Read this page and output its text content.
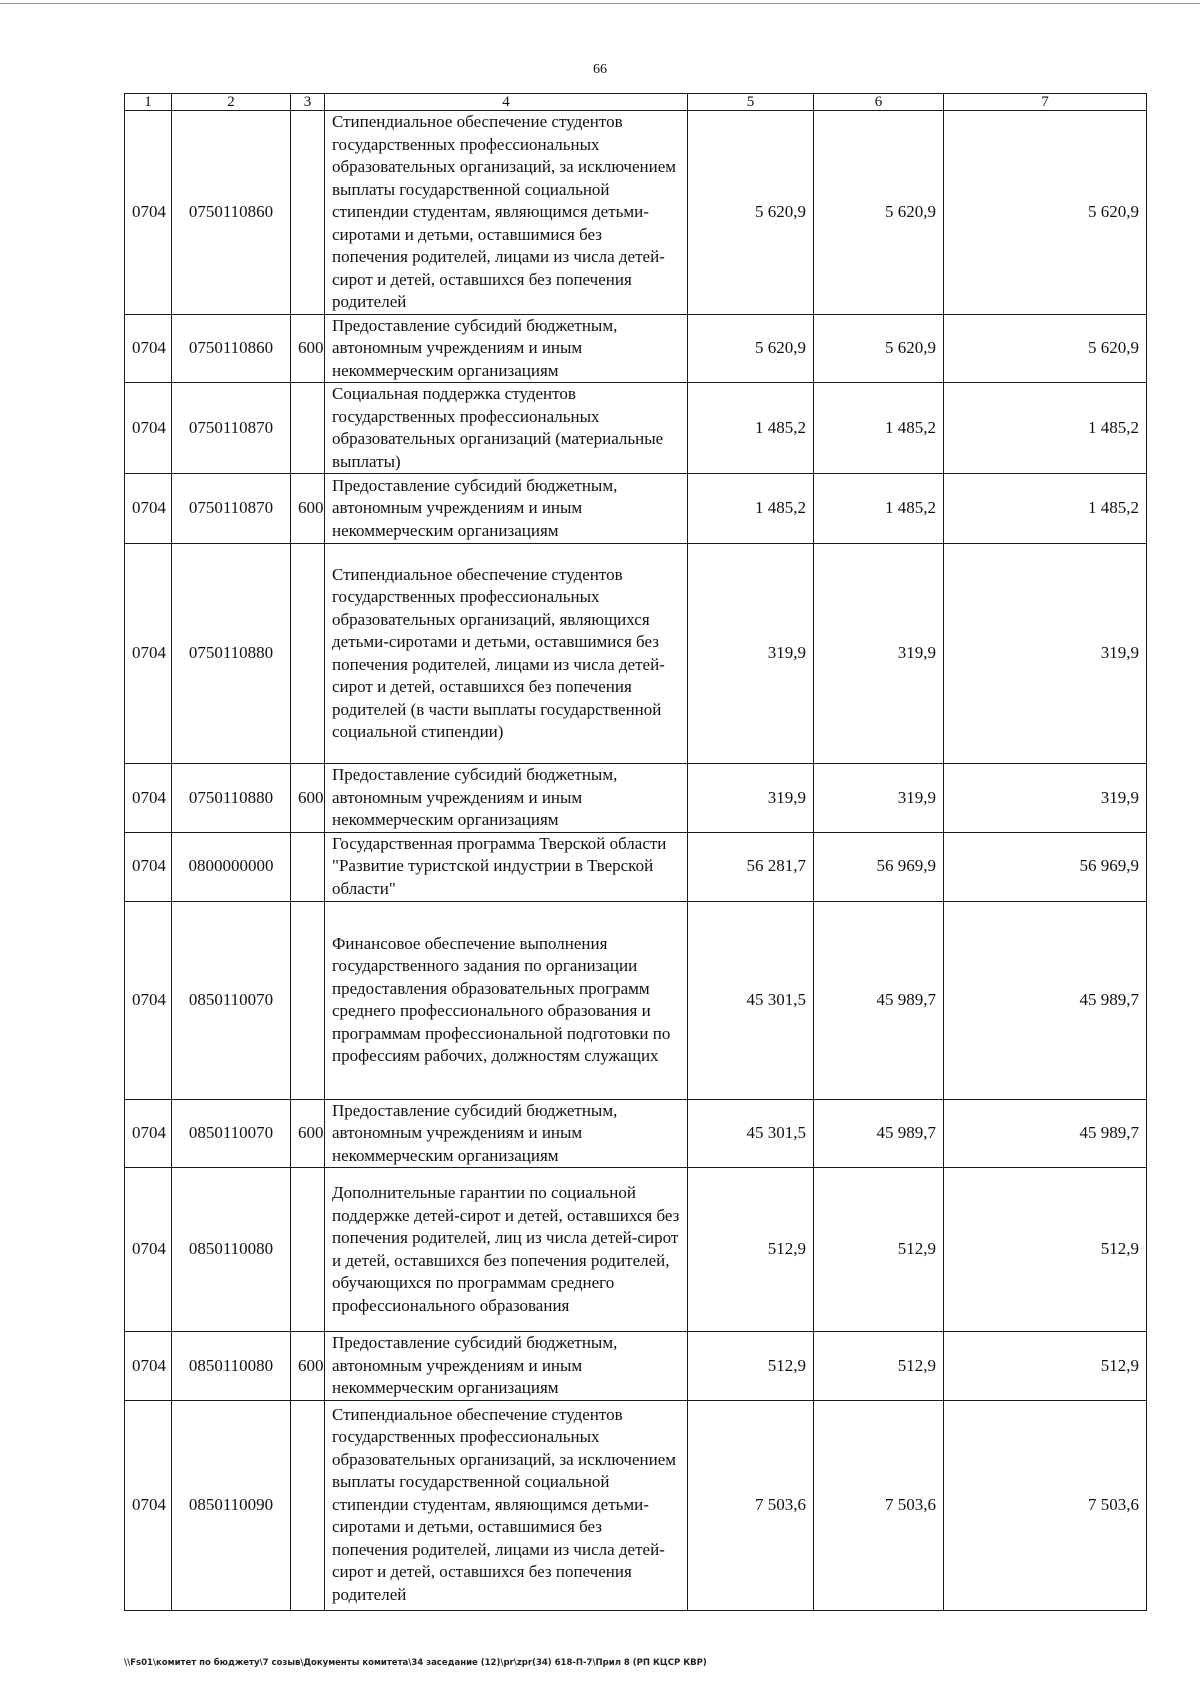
66
1	2	3	4	5	6	7
0704	0750110860		Стипендиальное обеспечение студентов государственных профессиональных образовательных организаций, за исключением выплаты государственной социальной стипендии студентам, являющимся детьми-сиротами и детьми, оставшимися без попечения родителей, лицами из числа детей-сирот и детей, оставшихся без попечения родителей	5 620,9	5 620,9	5 620,9
0704	0750110860	600	Предоставление субсидий бюджетным, автономным учреждениям и иным некоммерческим организациям	5 620,9	5 620,9	5 620,9
0704	0750110870		Социальная поддержка студентов государственных профессиональных образовательных организаций (материальные выплаты)	1 485,2	1 485,2	1 485,2
0704	0750110870	600	Предоставление субсидий бюджетным, автономным учреждениям и иным некоммерческим организациям	1 485,2	1 485,2	1 485,2
0704	0750110880		Стипендиальное обеспечение студентов государственных профессиональных образовательных организаций, являющихся детьми-сиротами и детьми, оставшимися без попечения родителей, лицами из числа детей-сирот и детей, оставшихся без попечения родителей (в части выплаты государственной социальной стипендии)	319,9	319,9	319,9
0704	0750110880	600	Предоставление субсидий бюджетным, автономным учреждениям и иным некоммерческим организациям	319,9	319,9	319,9
0704	0800000000		Государственная программа Тверской области "Развитие туристской индустрии в Тверской области"	56 281,7	56 969,9	56 969,9
0704	0850110070		Финансовое обеспечение выполнения государственного задания по организации предоставления образовательных программ среднего профессионального образования и программам профессиональной подготовки по профессиям рабочих, должностям служащих	45 301,5	45 989,7	45 989,7
0704	0850110070	600	Предоставление субсидий бюджетным, автономным учреждениям и иным некоммерческим организациям	45 301,5	45 989,7	45 989,7
0704	0850110080		Дополнительные гарантии по социальной поддержке детей-сирот и детей, оставшихся без попечения родителей, лиц из числа детей-сирот и детей, оставшихся без попечения родителей, обучающихся по программам среднего профессионального образования	512,9	512,9	512,9
0704	0850110080	600	Предоставление субсидий бюджетным, автономным учреждениям и иным некоммерческим организациям	512,9	512,9	512,9
0704	0850110090		Стипендиальное обеспечение студентов государственных профессиональных образовательных организаций, за исключением выплаты государственной социальной стипендии студентам, являющимся детьми-сиротами и детьми, оставшимися без попечения родителей, лицами из числа детей-сирот и детей, оставшихся без попечения родителей	7 503,6	7 503,6	7 503,6
\\Fs01\комитет по бюджету\7 созыв\Документы комитета\34 заседание (12)\pr\zpr(34) 618-П-7\Прил 8 (РП КЦСР КВР)
